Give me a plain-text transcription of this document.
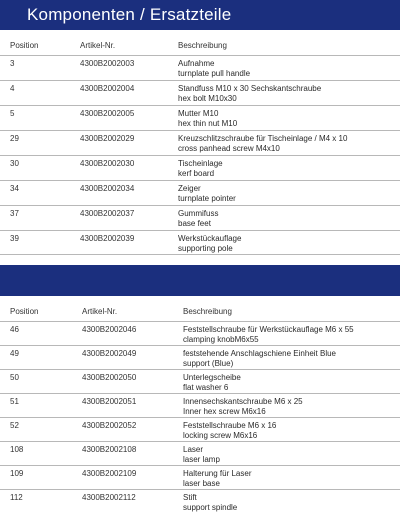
Komponenten / Ersatzteile
Position	Artikel-Nr.	Beschreibung
3	4300B2002003	Aufnahme
turnplate pull handle
4	4300B2002004	Standfuss M10 x 30 Sechskantschraube
hex bolt M10x30
5	4300B2002005	Mutter M10
hex thin nut M10
29	4300B2002029	Kreuzschlitzschraube für Tischeinlage / M4 x 10
cross panhead screw M4x10
30	4300B2002030	Tischeinlage
kerf board
34	4300B2002034	Zeiger
turnplate pointer
37	4300B2002037	Gummifuss
base feet
39	4300B2002039	Werkstückauflage
supporting pole
Position	Artikel-Nr.	Beschreibung
46	4300B2002046	Feststellschraube für Werkstückauflage M6 x 55
clamping knobM6x55
49	4300B2002049	feststehende Anschlagschiene Einheit Blue
support (Blue)
50	4300B2002050	Unterlegscheibe
flat washer 6
51	4300B2002051	Innensechskantschraube M6 x 25
Inner hex screw M6x16
52	4300B2002052	Feststellschraube M6 x 16
locking screw M6x16
108	4300B2002108	Laser
laser lamp
109	4300B2002109	Halterung für Laser
laser base
112	4300B2002112	Stift
support spindle
